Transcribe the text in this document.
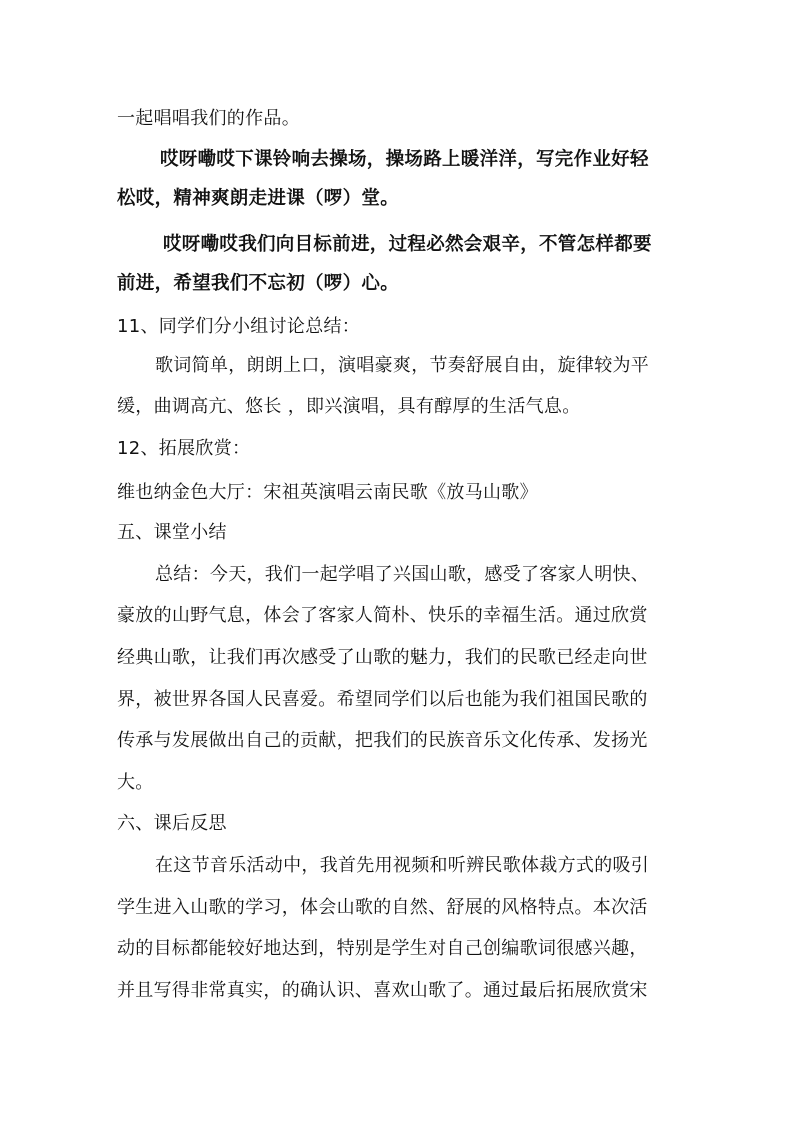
一起唱唱我们的作品。
哎呀嘞哎下课铃响去操场，操场路上暖洋洋，写完作业好轻
松哎，精神爽朗走进课（啰）堂。
哎呀嘞哎我们向目标前进，过程必然会艰辛，不管怎样都要
前进，希望我们不忘初（啰）心。
11、同学们分小组讨论总结：
歌词简单，朗朗上口，演唱豪爽，节奏舒展自由，旋律较为平
缓，曲调高亢、悠长 ，即兴演唱，具有醇厚的生活气息。
12、拓展欣赏：
维也纳金色大厅：宋祖英演唱云南民歌《放马山歌》
五、课堂小结
总结：今天，我们一起学唱了兴国山歌，感受了客家人明快、
豪放的山野气息，体会了客家人简朴、快乐的幸福生活。通过欣赏
经典山歌，让我们再次感受了山歌的魅力，我们的民歌已经走向世
界，被世界各国人民喜爱。希望同学们以后也能为我们祖国民歌的
传承与发展做出自己的贡献，把我们的民族音乐文化传承、发扬光
大。
六、课后反思
在这节音乐活动中，我首先用视频和听辨民歌体裁方式的吸引
学生进入山歌的学习，体会山歌的自然、舒展的风格特点。本次活
动的目标都能较好地达到，特别是学生对自己创编歌词很感兴趣，
并且写得非常真实，的确认识、喜欢山歌了。通过最后拓展欣赏宋
